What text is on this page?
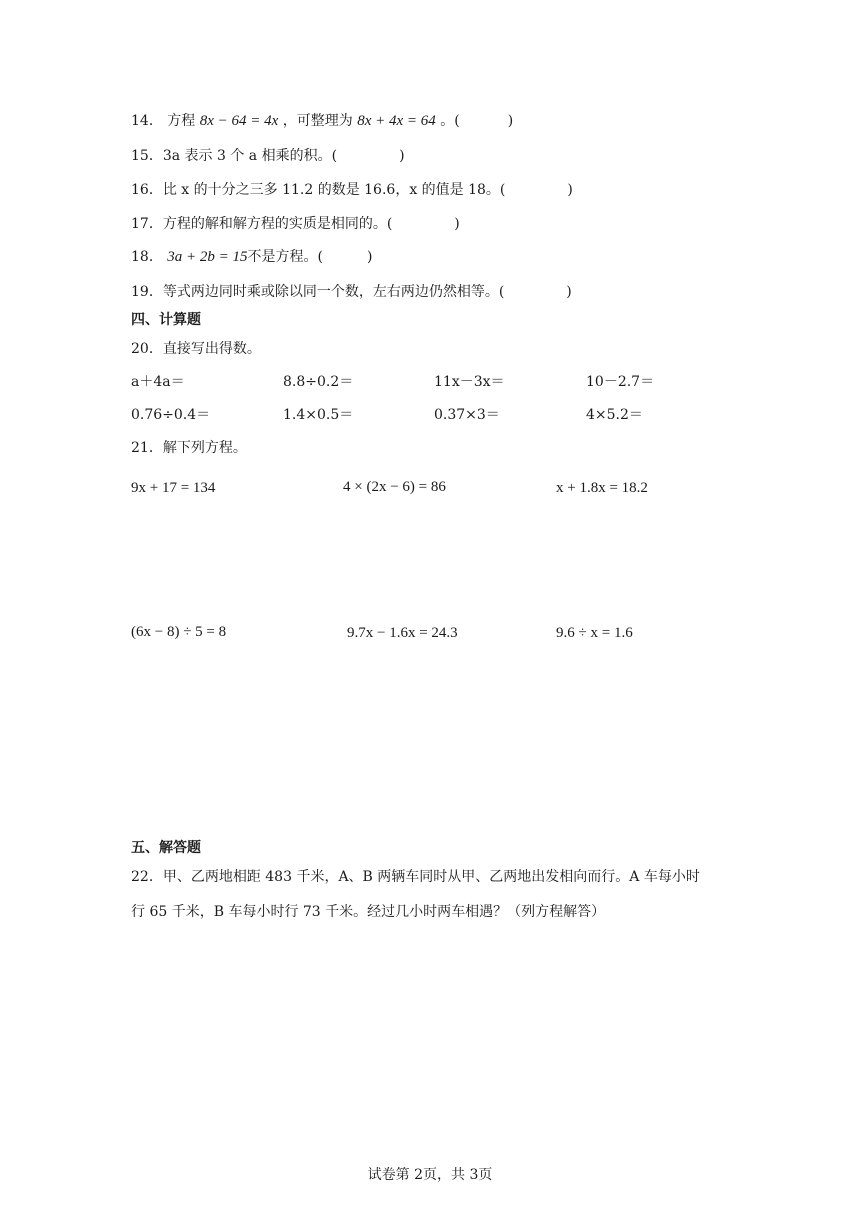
14． 方程 8x − 64 = 4x ，可整理为 8x + 4x = 64 。(	)
15．3a 表示 3 个 a 相乘的积。(	)
16．比 x 的十分之三多 11.2 的数是 16.6，x 的值是 18。(	)
17．方程的解和解方程的实质是相同的。(	)
18． 3a + 2b = 15不是方程。(	)
19．等式两边同时乘或除以同一个数，左右两边仍然相等。(	)
四、计算题
20．直接写出得数。
a＋4a＝	8.8÷0.2＝	11x－3x＝	10－2.7＝
0.76÷0.4＝	1.4×0.5＝	0.37×3＝	4×5.2＝
21．解下列方程。
9x + 17 = 134	4 × (2x − 6) = 86	x + 1.8x = 18.2
(6x − 8) ÷ 5 = 8	9.7x − 1.6x = 24.3	9.6 ÷ x = 1.6
五、解答题
22．甲、乙两地相距 483 千米，A、B 两辆车同时从甲、乙两地出发相向而行。A 车每小时
行 65 千米，B 车每小时行 73 千米。经过几小时两车相遇？（列方程解答）
试卷第 2页，共 3页
